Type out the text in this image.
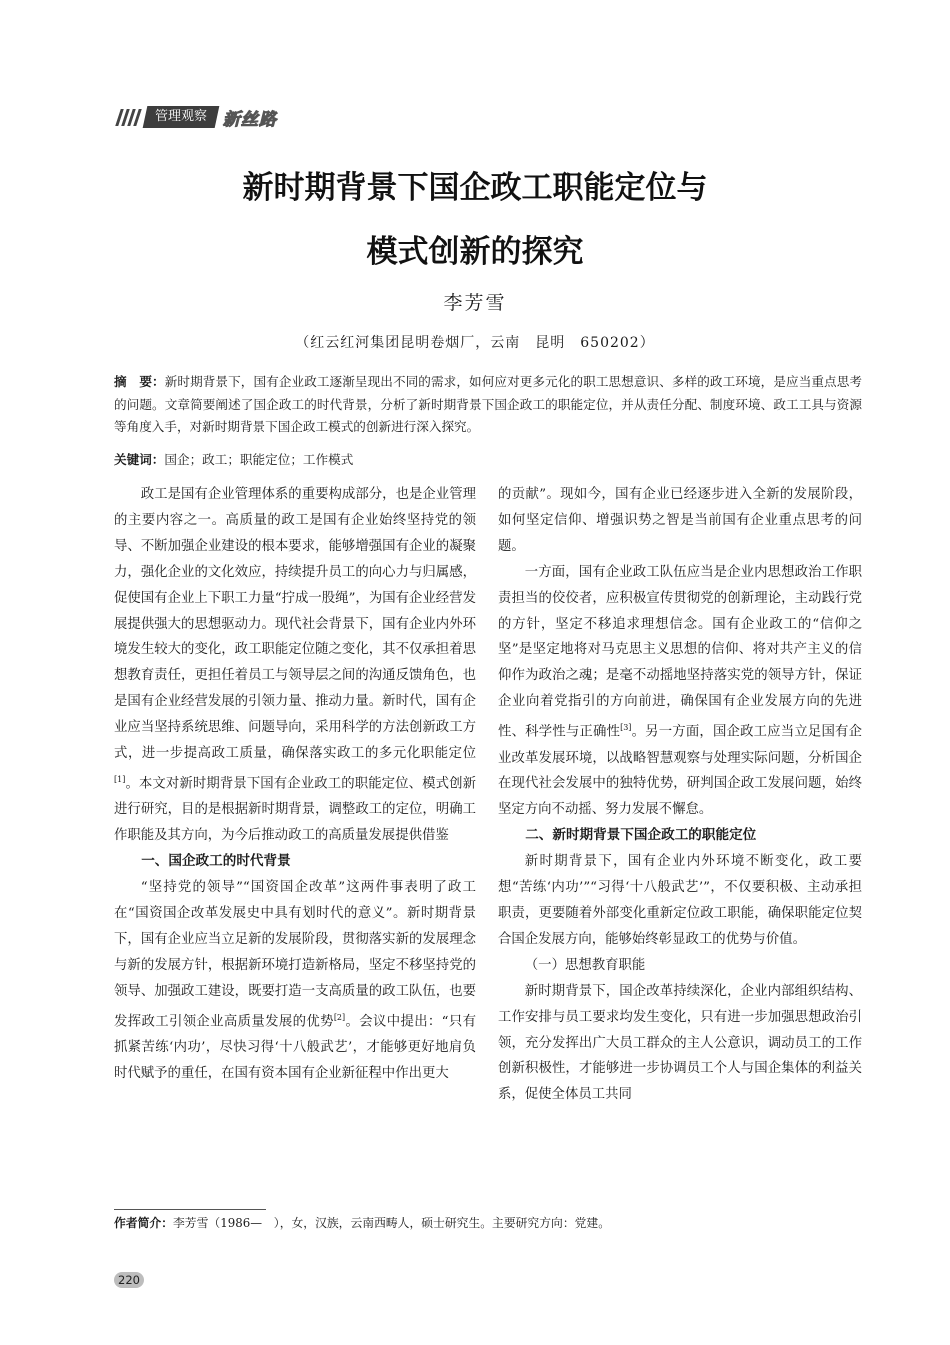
管理观察 新丝路
新时期背景下国企政工职能定位与
模式创新的探究
李芳雪
（红云红河集团昆明卷烟厂，云南　昆明　650202）
摘　要：新时期背景下，国有企业政工逐渐呈现出不同的需求，如何应对更多元化的职工思想意识、多样的政工环境，是应当重点思考的问题。文章简要阐述了国企政工的时代背景，分析了新时期背景下国企政工的职能定位，并从责任分配、制度环境、政工工具与资源等角度入手，对新时期背景下国企政工模式的创新进行深入探究。
关键词：国企；政工；职能定位；工作模式

政工是国有企业管理体系的重要构成部分，也是企业管理的主要内容之一。高质量的政工是国有企业始终坚持党的领导、不断加强企业建设的根本要求，能够增强国有企业的凝聚力，强化企业的文化效应，持续提升员工的向心力与归属感，促使国有企业上下职工力量“拧成一股绳”，为国有企业经营发展提供强大的思想驱动力。现代社会背景下，国有企业内外环境发生较大的变化，政工职能定位随之变化，其不仅承担着思想教育责任，更担任着员工与领导层之间的沟通反馈角色，也是国有企业经营发展的引领力量、推动力量。新时代，国有企业应当坚持系统思维、问题导向，采用科学的方法创新政工方式，进一步提高政工质量，确保落实政工的多元化职能定位[1]。本文对新时期背景下国有企业政工的职能定位、模式创新进行研究，目的是根据新时期背景，调整政工的定位，明确工作职能及其方向，为今后推动政工的高质量发展提供借鉴

一、国企政工的时代背景

“坚持党的领导”“国资国企改革”这两件事表明了政工在“国资国企改革发展史中具有划时代的意义”。新时期背景下，国有企业应当立足新的发展阶段，贯彻落实新的发展理念与新的发展方针，根据新环境打造新格局，坚定不移坚持党的领导、加强政工建设，既要打造一支高质量的政工队伍，也要发挥政工引领企业高质量发展的优势[2]。会议中提出：“只有抓紧苦练‘内功’，尽快习得‘十八般武艺’，才能够更好地肩负时代赋予的重任，在国有资本国有企业新征程中作出更大

的贡献”。现如今，国有企业已经逐步进入全新的发展阶段，如何坚定信仰、增强识势之智是当前国有企业重点思考的问题。

一方面，国有企业政工队伍应当是企业内思想政治工作职责担当的佼佼者，应积极宣传贯彻党的创新理论，主动践行党的方针，坚定不移追求理想信念。国有企业政工的“信仰之坚”是坚定地将对马克思主义思想的信仰、将对共产主义的信仰作为政治之魂；是毫不动摇地坚持落实党的领导方针，保证企业向着党指引的方向前进，确保国有企业发展方向的先进性、科学性与正确性[3]。另一方面，国企政工应当立足国有企业改革发展环境，以战略智慧观察与处理实际问题，分析国企在现代社会发展中的独特优势，研判国企政工发展问题，始终坚定方向不动摇、努力发展不懈怠。

二、新时期背景下国企政工的职能定位

新时期背景下，国有企业内外环境不断变化，政工要想“苦练‘内功’”“习得‘十八般武艺’”，不仅要积极、主动承担职责，更要随着外部变化重新定位政工职能，确保职能定位契合国企发展方向，能够始终彰显政工的优势与价值。

（一）思想教育职能

新时期背景下，国企改革持续深化，企业内部组织结构、工作安排与员工要求均发生变化，只有进一步加强思想政治引领，充分发挥出广大员工群众的主人公意识，调动员工的工作创新积极性，才能够进一步协调员工个人与国企集体的利益关系，促使全体员工共同

作者简介：李芳雪（1986—　），女，汉族，云南西畴人，硕士研究生。主要研究方向：党建。
220
